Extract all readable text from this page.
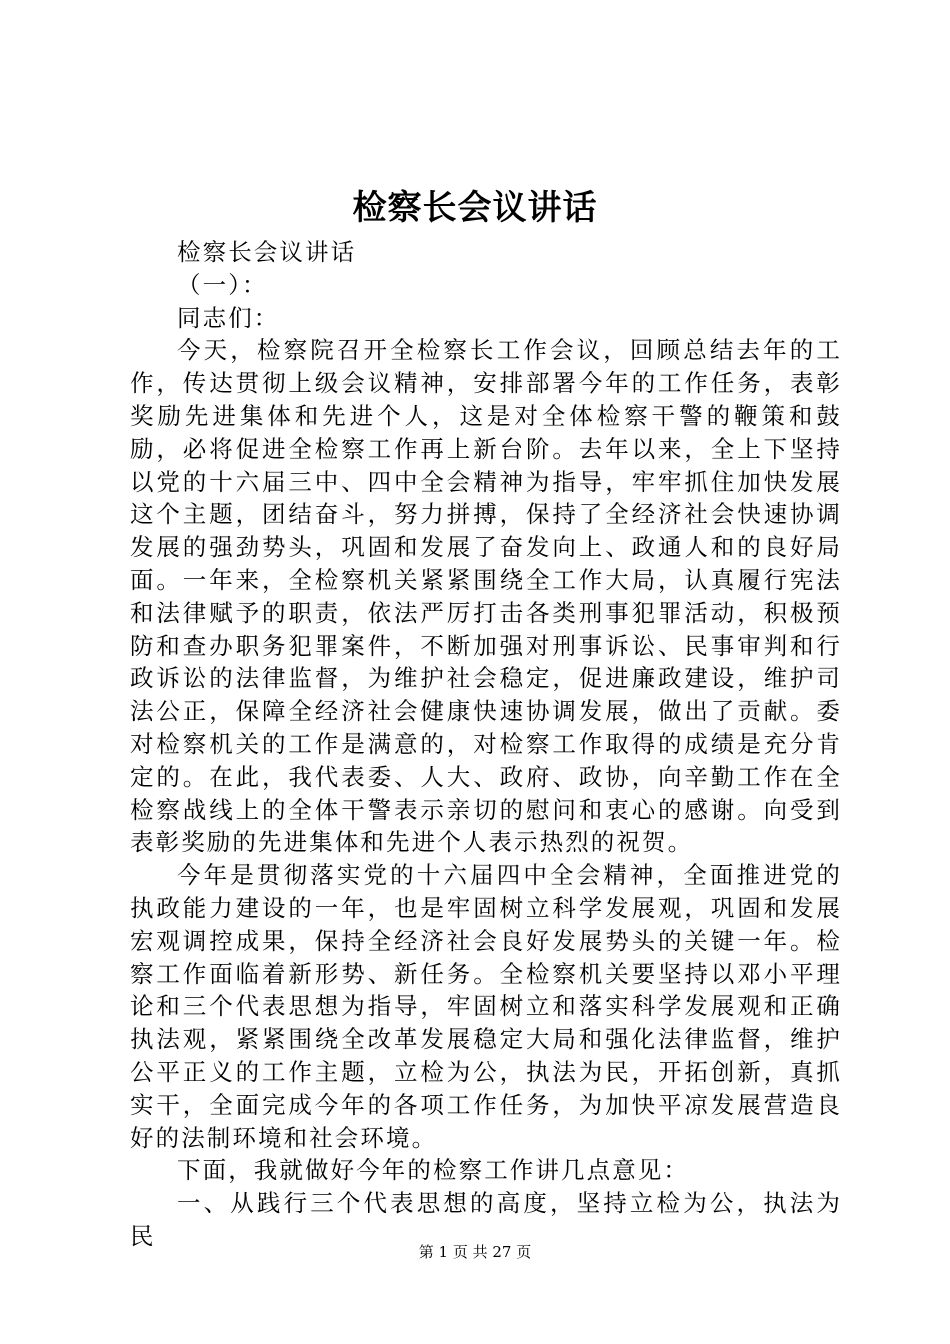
检察长会议讲话

检察长会议讲话

（一）：

同志们：

今天，检察院召开全检察长工作会议，回顾总结去年的工作，传达贯彻上级会议精神，安排部署今年的工作任务，表彰奖励先进集体和先进个人，这是对全体检察干警的鞭策和鼓励，必将促进全检察工作再上新台阶。去年以来，全上下坚持以党的十六届三中、四中全会精神为指导，牢牢抓住加快发展这个主题，团结奋斗，努力拼搏，保持了全经济社会快速协调发展的强劲势头，巩固和发展了奋发向上、政通人和的良好局面。一年来，全检察机关紧紧围绕全工作大局，认真履行宪法和法律赋予的职责，依法严厉打击各类刑事犯罪活动，积极预防和查办职务犯罪案件，不断加强对刑事诉讼、民事审判和行政诉讼的法律监督，为维护社会稳定，促进廉政建设，维护司法公正，保障全经济社会健康快速协调发展，做出了贡献。委对检察机关的工作是满意的，对检察工作取得的成绩是充分肯定的。在此，我代表委、人大、政府、政协，向辛勤工作在全检察战线上的全体干警表示亲切的慰问和衷心的感谢。向受到表彰奖励的先进集体和先进个人表示热烈的祝贺。

今年是贯彻落实党的十六届四中全会精神，全面推进党的执政能力建设的一年，也是牢固树立科学发展观，巩固和发展宏观调控成果，保持全经济社会良好发展势头的关键一年。检察工作面临着新形势、新任务。全检察机关要坚持以邓小平理论和三个代表思想为指导，牢固树立和落实科学发展观和正确执法观，紧紧围绕全改革发展稳定大局和强化法律监督，维护公平正义的工作主题，立检为公，执法为民，开拓创新，真抓实干，全面完成今年的各项工作任务，为加快平凉发展营造良好的法制环境和社会环境。

下面，我就做好今年的检察工作讲几点意见：

一、从践行三个代表思想的高度，坚持立检为公，执法为民

第 1 页 共 27 页
